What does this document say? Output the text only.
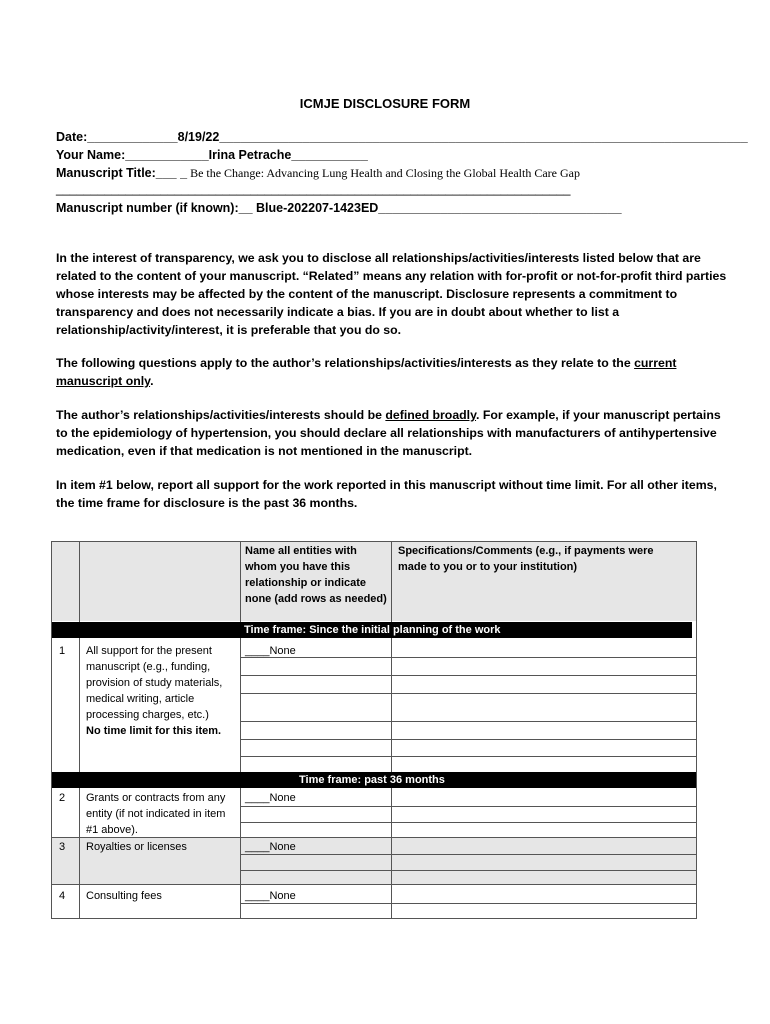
ICMJE DISCLOSURE FORM
Date:_____________8/19/22____________________________________________________________________________
Your Name:____________Irina Petrache___________
Manuscript Title:___ _ Be the Change: Advancing Lung Health and Closing the Global Health Care Gap
__________________________________________________________________________
Manuscript number (if known):__ Blue-202207-1423ED___________________________________
In the interest of transparency, we ask you to disclose all relationships/activities/interests listed below that are related to the content of your manuscript. “Related” means any relation with for-profit or not-for-profit third parties whose interests may be affected by the content of the manuscript. Disclosure represents a commitment to transparency and does not necessarily indicate a bias. If you are in doubt about whether to list a relationship/activity/interest, it is preferable that you do so.
The following questions apply to the author’s relationships/activities/interests as they relate to the current manuscript only.
The author’s relationships/activities/interests should be defined broadly. For example, if your manuscript pertains to the epidemiology of hypertension, you should declare all relationships with manufacturers of antihypertensive medication, even if that medication is not mentioned in the manuscript.
In item #1 below, report all support for the work reported in this manuscript without time limit. For all other items, the time frame for disclosure is the past 36 months.
Name all entities with whom you have this relationship or indicate none (add rows as needed)
Specifications/Comments (e.g., if payments were made to you or to your institution)
Time frame: Since the initial planning of the work
1 All support for the present manuscript (e.g., funding, provision of study materials, medical writing, article processing charges, etc.)
No time limit for this item.
____None
Time frame: past 36 months
2 Grants or contracts from any entity (if not indicated in item #1 above).
____None
3 Royalties or licenses	____None
4 Consulting fees	____None
